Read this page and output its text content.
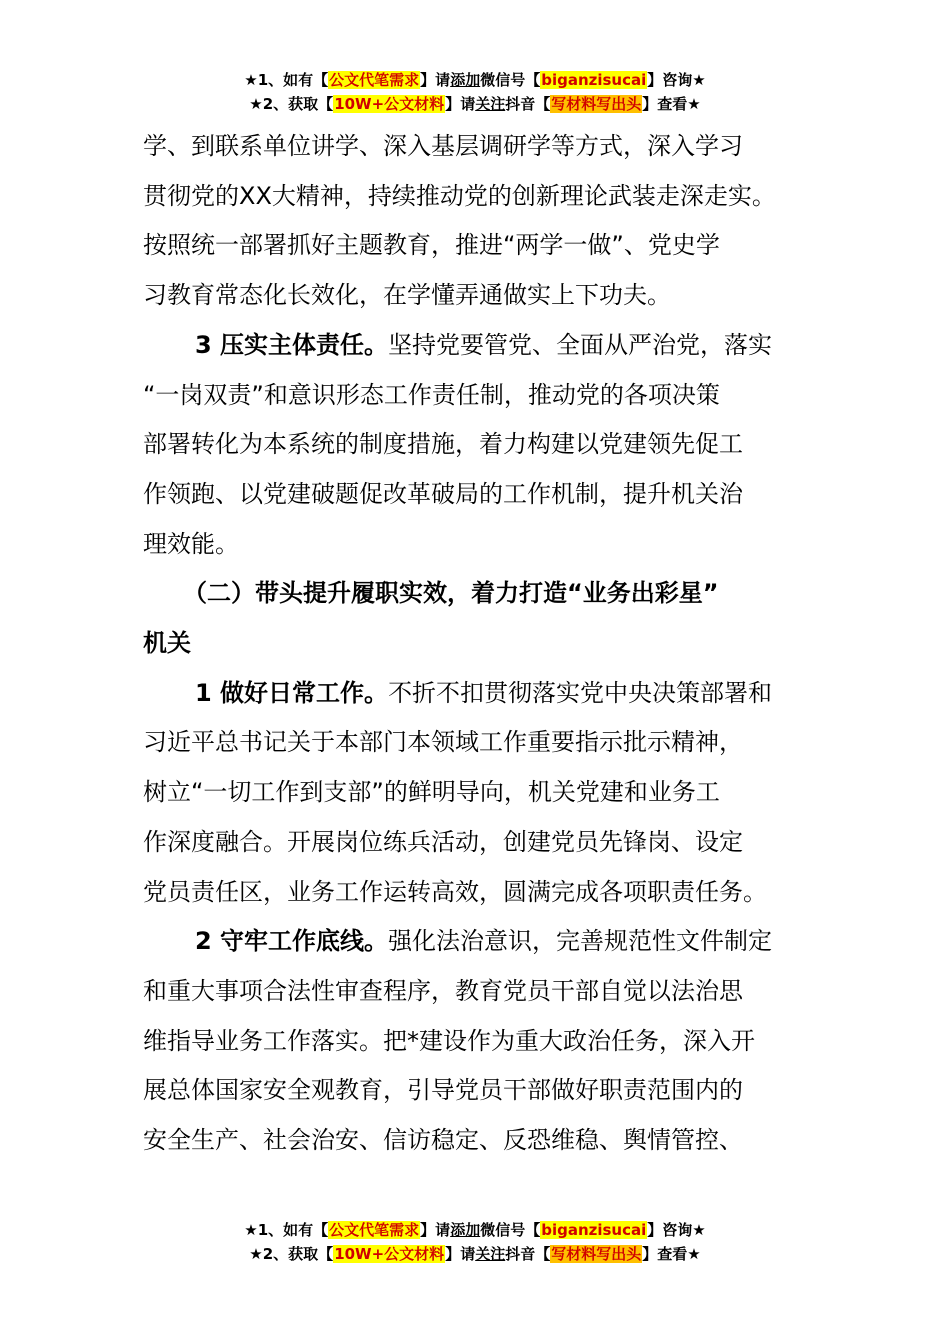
★1、如有【公文代笔需求】请添加微信号【biganzisucai】咨询★
★2、获取【10W+公文材料】请关注抖音【写材料写出头】查看★

学、到联系单位讲学、深入基层调研学等方式，深入学习

贯彻党的XX大精神，持续推动党的创新理论武装走深走实。

按照统一部署抓好主题教育，推进“两学一做”、党史学

习教育常态化长效化，在学懂弄通做实上下功夫。

3 压实主体责任。坚持党要管党、全面从严治党，落实

“一岗双责”和意识形态工作责任制，推动党的各项决策

部署转化为本系统的制度措施，着力构建以党建领先促工

作领跑、以党建破题促改革破局的工作机制，提升机关治

理效能。

（二）带头提升履职实效，着力打造“业务出彩星”

机关

1 做好日常工作。不折不扣贯彻落实党中央决策部署和

习近平总书记关于本部门本领域工作重要指示批示精神，

树立“一切工作到支部”的鲜明导向，机关党建和业务工

作深度融合。开展岗位练兵活动，创建党员先锋岗、设定

党员责任区，业务工作运转高效，圆满完成各项职责任务。

2 守牢工作底线。强化法治意识，完善规范性文件制定

和重大事项合法性审查程序，教育党员干部自觉以法治思

维指导业务工作落实。把*建设作为重大政治任务，深入开

展总体国家安全观教育，引导党员干部做好职责范围内的

安全生产、社会治安、信访稳定、反恐维稳、舆情管控、

★1、如有【公文代笔需求】请添加微信号【biganzisucai】咨询★
★2、获取【10W+公文材料】请关注抖音【写材料写出头】查看★
